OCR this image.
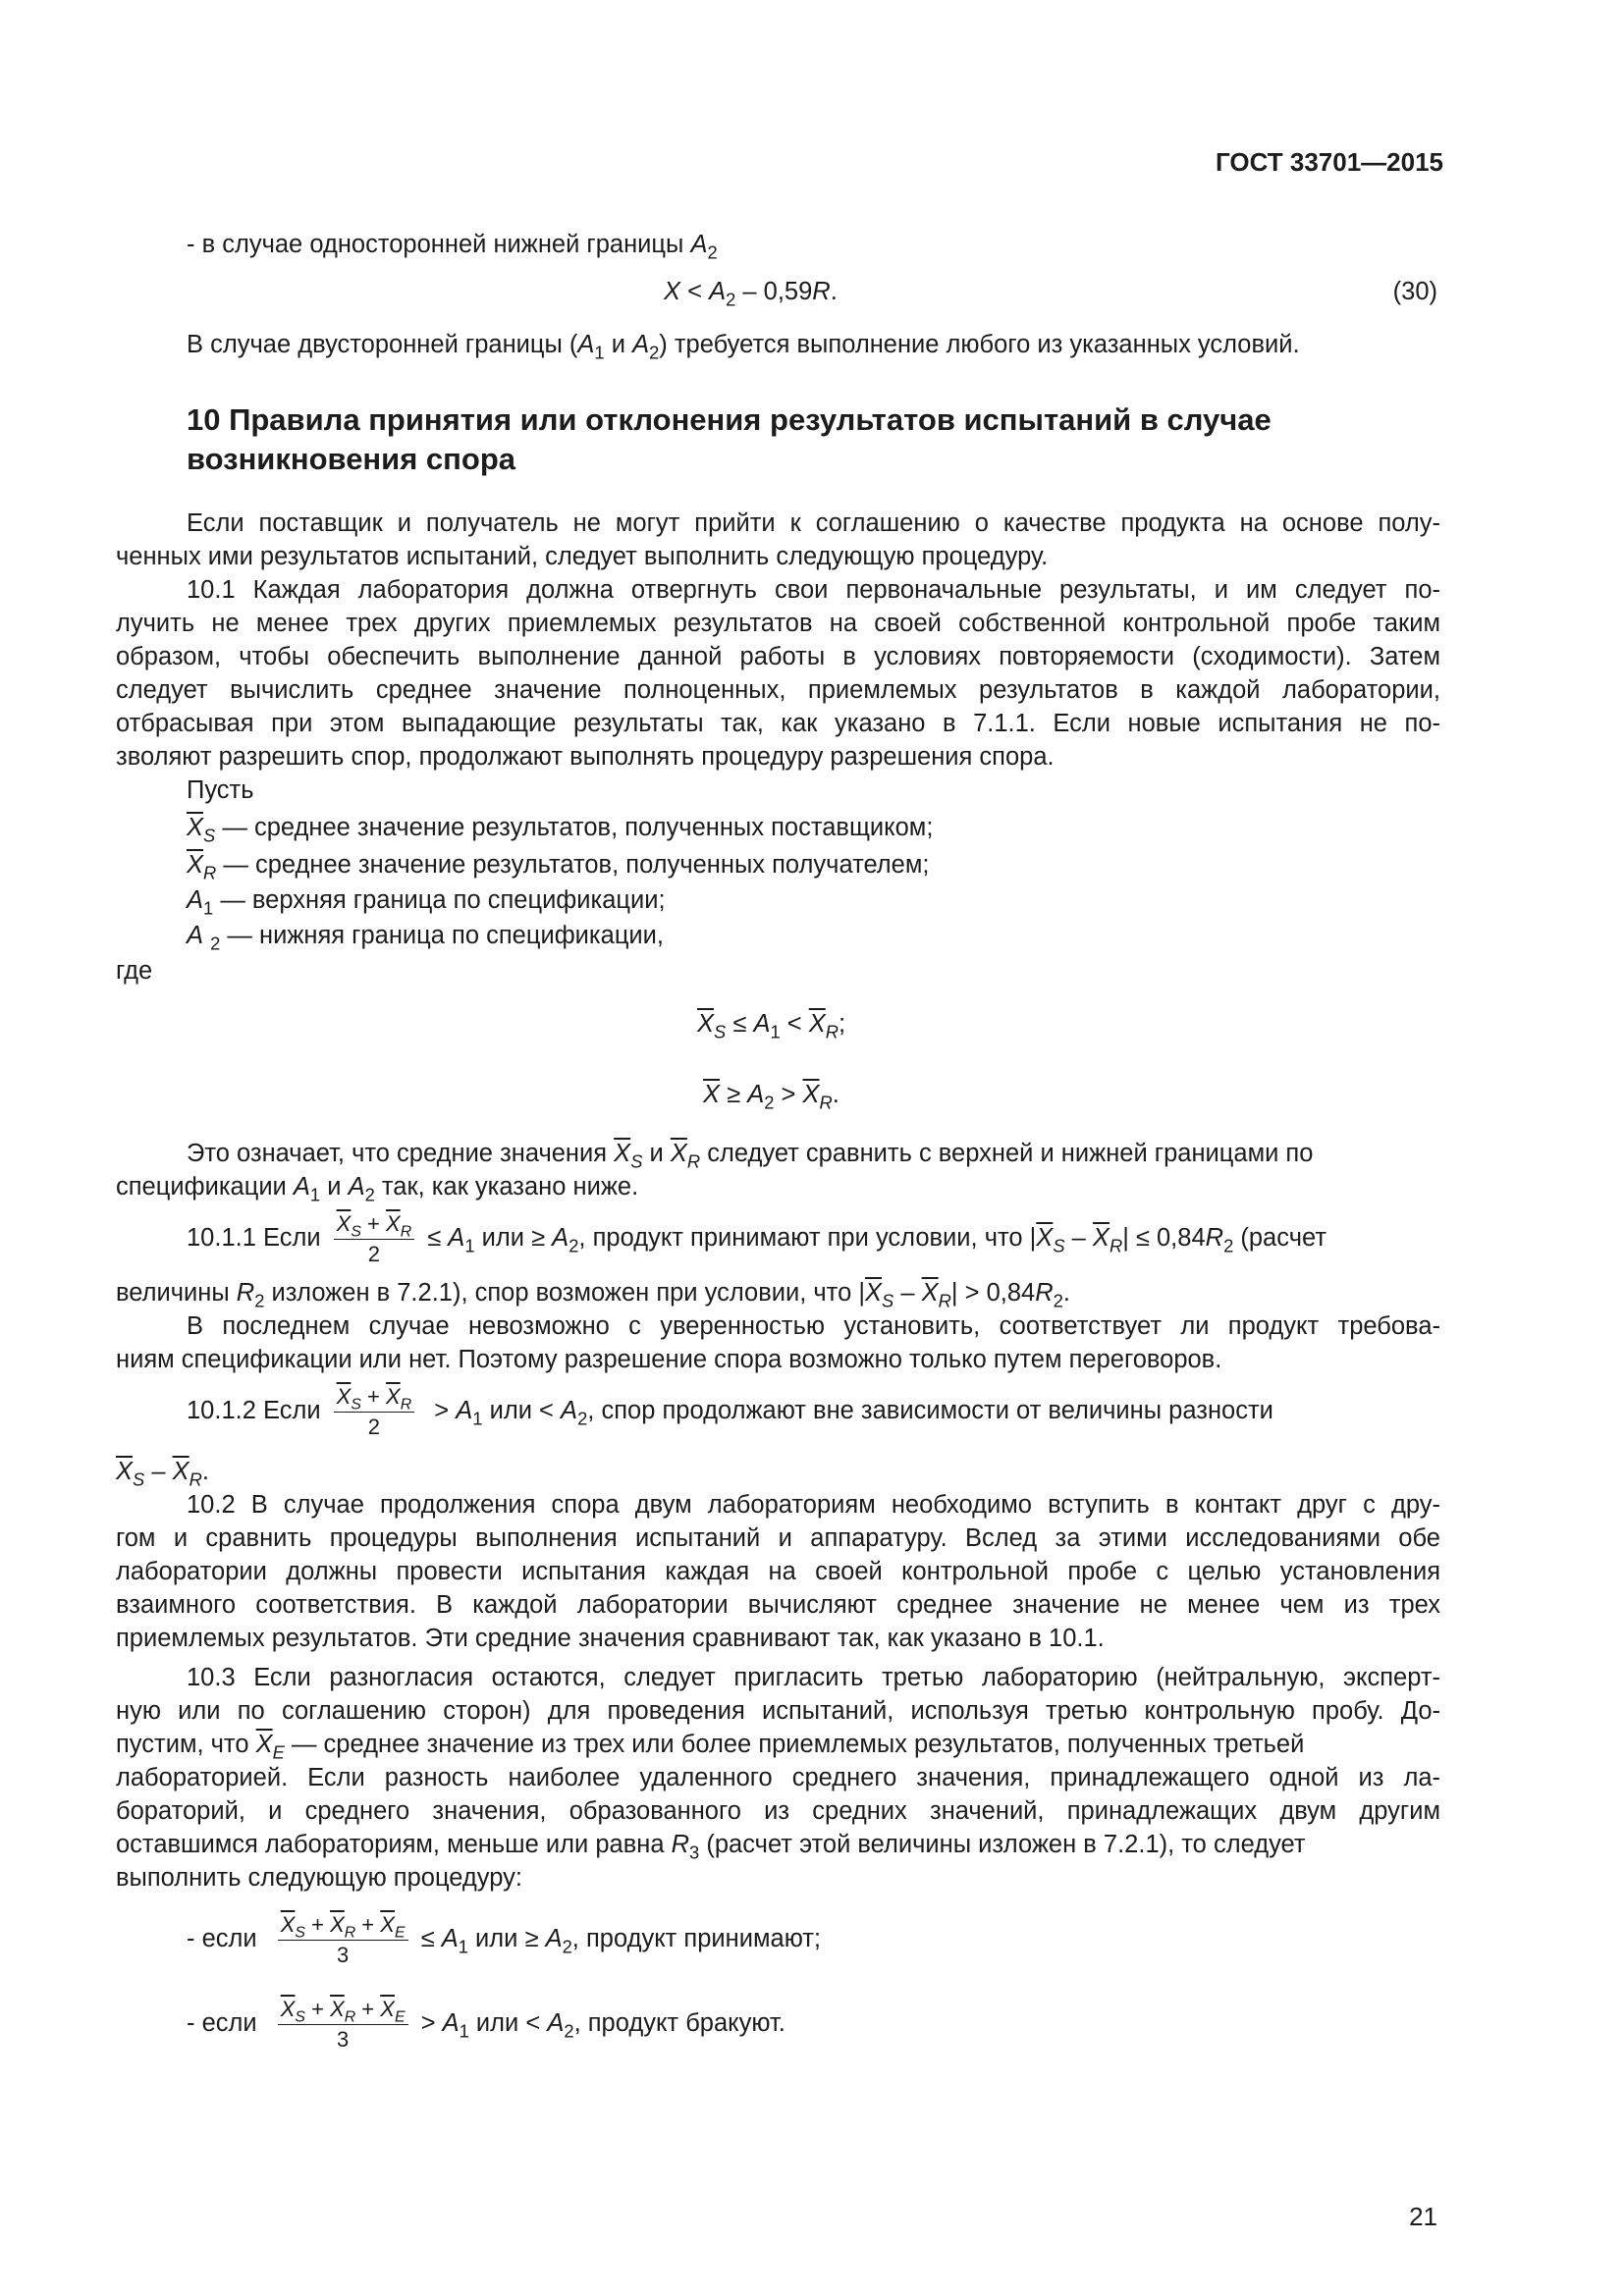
ГОСТ 33701—2015
- в случае односторонней нижней границы $A_2$
$X < A_2 - 0,59R$.	(30)
В случае двусторонней границы ($A_1$ и $A_2$) требуется выполнение любого из указанных условий.
10 Правила принятия или отклонения результатов испытаний в случае
возникновения спора
Если поставщик и получатель не могут прийти к соглашению о качестве продукта на основе полу-
ченных ими результатов испытаний, следует выполнить следующую процедуру.
10.1 Каждая лаборатория должна отвергнуть свои первоначальные результаты, и им следует по-
лучить не менее трех других приемлемых результатов на своей собственной контрольной пробе таким
образом, чтобы обеспечить выполнение данной работы в условиях повторяемости (сходимости). Затем
следует вычислить среднее значение полноценных, приемлемых результатов в каждой лаборатории,
отбрасывая при этом выпадающие результаты так, как указано в 7.1.1. Если новые испытания не по-
зволяют разрешить спор, продолжают выполнять процедуру разрешения спора.
Пусть
$\overline{X}_S$ — среднее значение результатов, полученных поставщиком;
$\overline{X}_R$ — среднее значение результатов, полученных получателем;
$A_1$ — верхняя граница по спецификации;
A $_2$ — нижняя граница по спецификации,
где
$\overline{X}_S \le A_1 < \overline{X}_R$;
$\overline{X} \ge A_2 > \overline{X}_R$.
Это означает, что средние значения $\overline{X}_S$ и $\overline{X}_R$ следует сравнить с верхней и нижней границами по
спецификации $A_1$ и $A_2$ так, как указано ниже.
10.1.1 Если $\frac{\overline{X}_S + \overline{X}_R}{2} \le A_1$ или ≥ $A_2$, продукт принимают при условии, что $|\overline{X}_S - \overline{X}_R| \le 0,84R_2$ (расчет
величины $R_2$ изложен в 7.2.1), спор возможен при условии, что $|\overline{X}_S - \overline{X}_R| > 0,84R_2$.
В последнем случае невозможно с уверенностью установить, соответствует ли продукт требова-
ниям спецификации или нет. Поэтому разрешение спора возможно только путем переговоров.
10.1.2 Если $\frac{\overline{X}_S + \overline{X}_R}{2} > A_1$ или < $A_2$, спор продолжают вне зависимости от величины разности
$\overline{X}_S - \overline{X}_R$.
10.2 В случае продолжения спора двум лабораториям необходимо вступить в контакт друг с дру-
гом и сравнить процедуры выполнения испытаний и аппаратуру. Вслед за этими исследованиями обе
лаборатории должны провести испытания каждая на своей контрольной пробе с целью установления
взаимного соответствия. В каждой лаборатории вычисляют среднее значение не менее чем из трех
приемлемых результатов. Эти средние значения сравнивают так, как указано в 10.1.
10.3 Если разногласия остаются, следует пригласить третью лабораторию (нейтральную, эксперт-
ную или по соглашению сторон) для проведения испытаний, используя третью контрольную пробу. До-
пустим, что $\overline{X}_E$ — среднее значение из трех или более приемлемых результатов, полученных третьей
лабораторией. Если разность наиболее удаленного среднего значения, принадлежащего одной из ла-
бораторий, и среднего значения, образованного из средних значений, принадлежащих двум другим
оставшимся лабораториям, меньше или равна $R_3$ (расчет этой величины изложен в 7.2.1), то следует
выполнить следующую процедуру:
- если $\frac{\overline{X}_S + \overline{X}_R + \overline{X}_E}{3} \le A_1$ или ≥ $A_2$, продукт принимают;
- если $\frac{\overline{X}_S + \overline{X}_R + \overline{X}_E}{3} > A_1$ или < $A_2$, продукт бракуют.
21
